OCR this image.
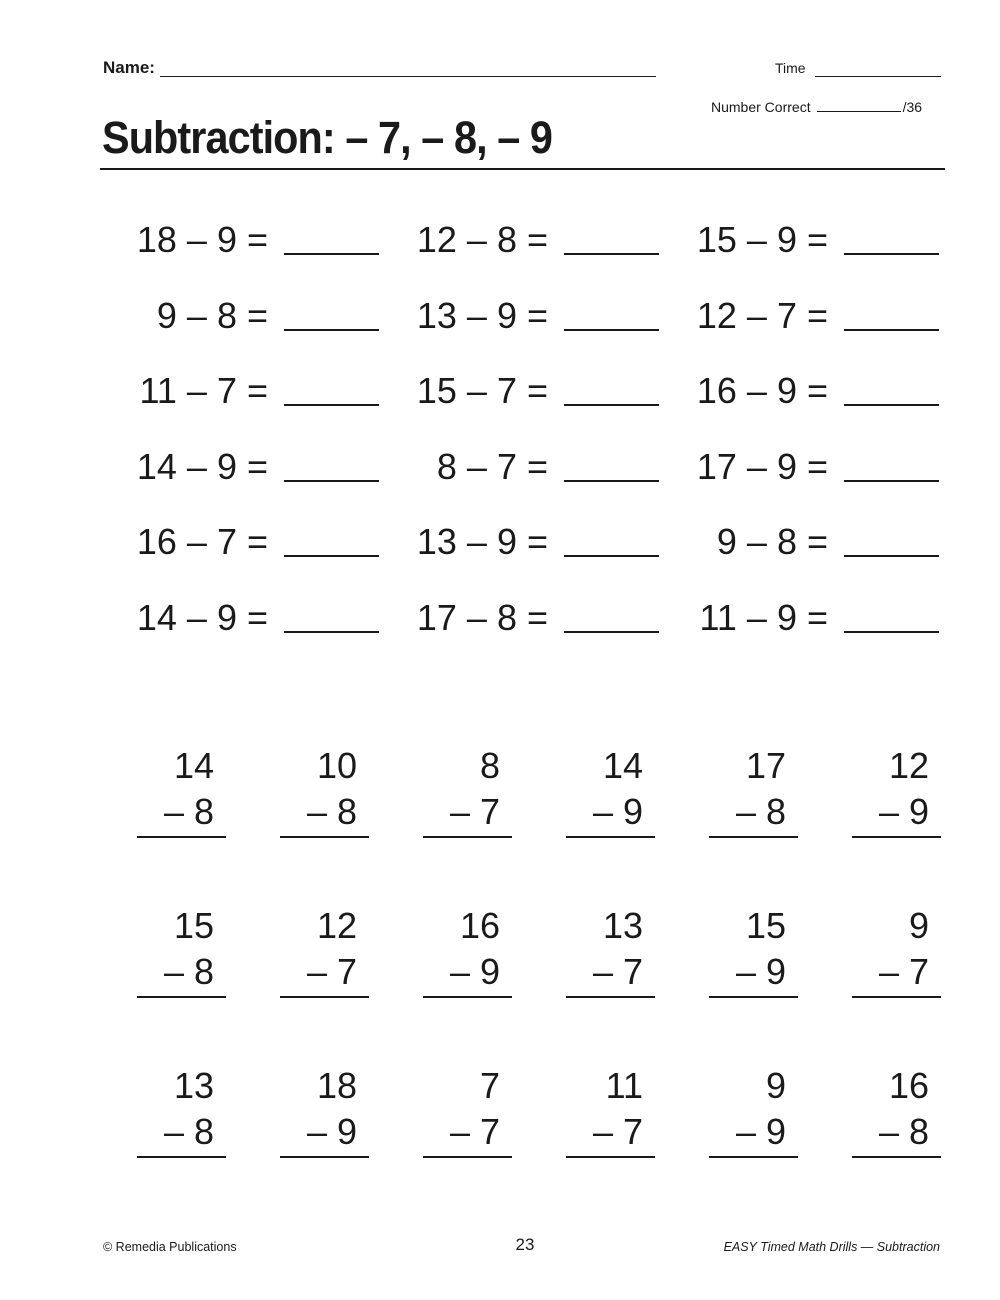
Name:	Time
Number Correct	/36
Subtraction: – 7, – 8, – 9
18 – 9 =	12 – 8 =	15 – 9 =
9 – 8 =	13 – 9 =	12 – 7 =
11 – 7 =	15 – 7 =	16 – 9 =
14 – 9 =	8 – 7 =	17 – 9 =
16 – 7 =	13 – 9 =	9 – 8 =
14 – 9 =	17 – 8 =	11 – 9 =
14
– 8
10
– 8
8
– 7
14
– 9
17
– 8
12
– 9
15
– 8
12
– 7
16
– 9
13
– 7
15
– 9
9
– 7
13
– 8
18
– 9
7
– 7
11
– 7
9
– 9
16
– 8
© Remedia Publications	23	EASY Timed Math Drills — Subtraction
